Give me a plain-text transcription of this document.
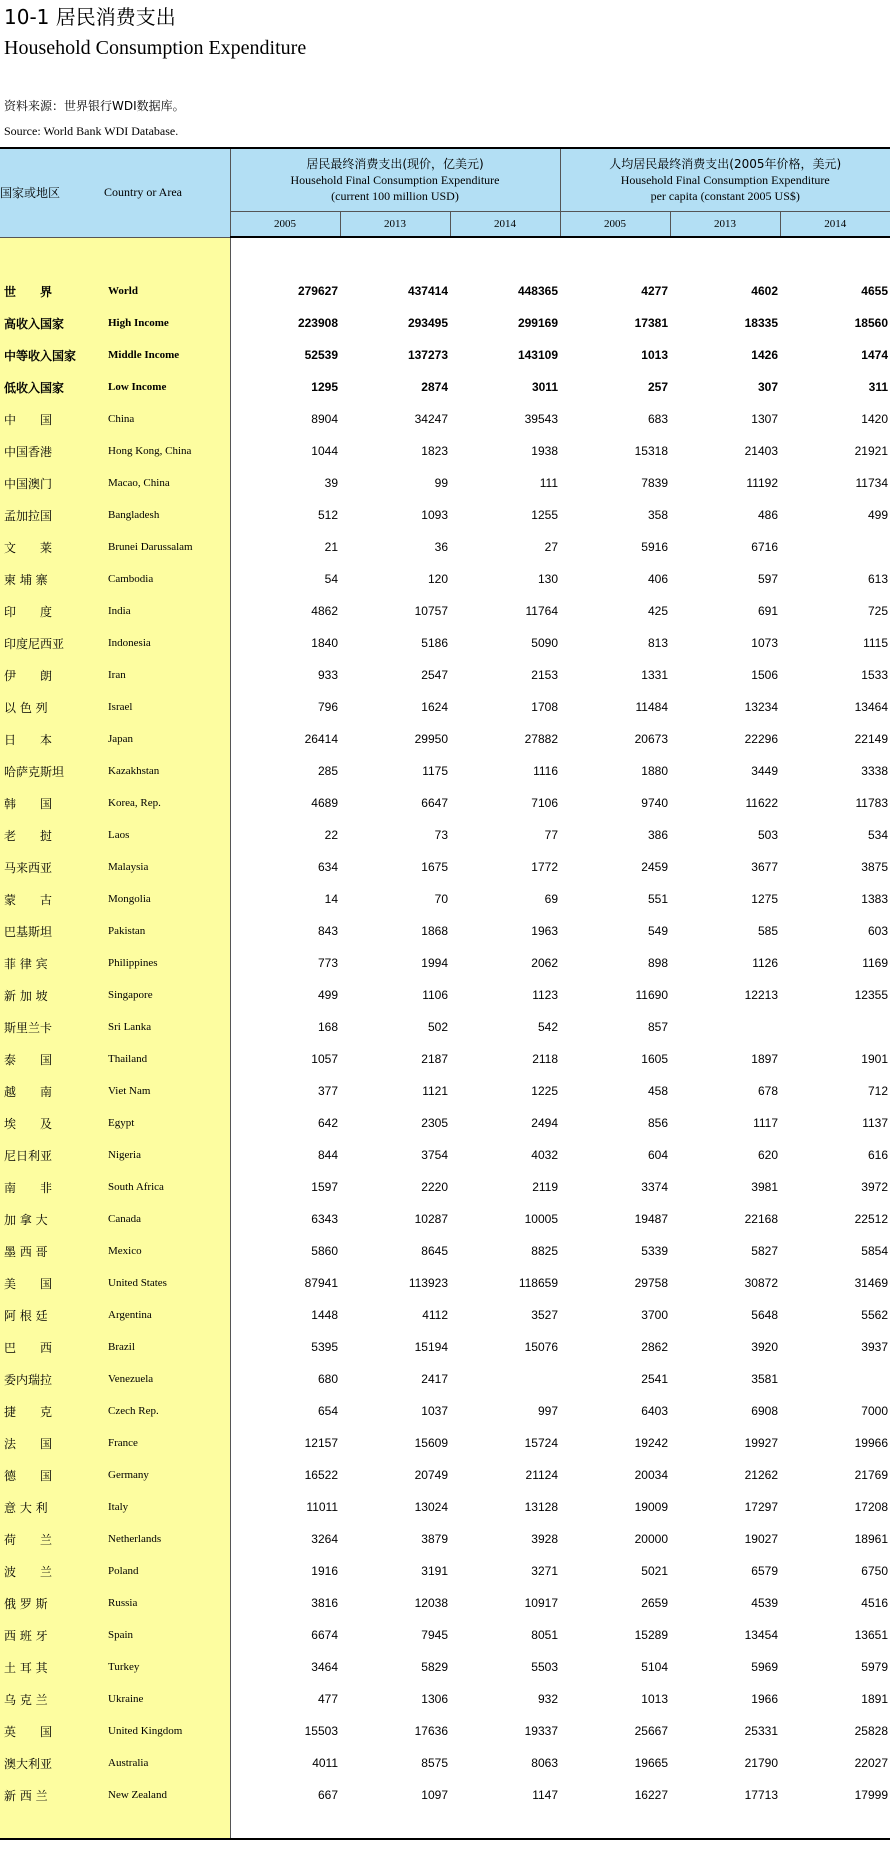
10-1 居民消费支出
Household Consumption Expenditure
资料来源：世界银行WDI数据库。
Source: World Bank WDI Database.
国家或地区	Country or Area	居民最终消费支出(现价，亿美元)
Household Final Consumption Expenditure
(current 100 million USD)			人均居民最终消费支出(2005年价格，美元)
Household Final Consumption Expenditure
per capita (constant 2005 US$)		

		2005	2013	2014	2005	2013	2014

世　　界	World	279627	437414	448365	4277	4602	4655
高收入国家	High Income	223908	293495	299169	17381	18335	18560
中等收入国家	Middle Income	52539	137273	143109	1013	1426	1474
低收入国家	Low Income	1295	2874	3011	257	307	311
中　　国	China	8904	34247	39543	683	1307	1420
中国香港	Hong Kong, China	1044	1823	1938	15318	21403	21921
中国澳门	Macao, China	39	99	111	7839	11192	11734
孟加拉国	Bangladesh	512	1093	1255	358	486	499
文　　莱	Brunei Darussalam	21	36	27	5916	6716	
柬 埔 寨	Cambodia	54	120	130	406	597	613
印　　度	India	4862	10757	11764	425	691	725
印度尼西亚	Indonesia	1840	5186	5090	813	1073	1115
伊　　朗	Iran	933	2547	2153	1331	1506	1533
以 色 列	Israel	796	1624	1708	11484	13234	13464
日　　本	Japan	26414	29950	27882	20673	22296	22149
哈萨克斯坦	Kazakhstan	285	1175	1116	1880	3449	3338
韩　　国	Korea, Rep.	4689	6647	7106	9740	11622	11783
老　　挝	Laos	22	73	77	386	503	534
马来西亚	Malaysia	634	1675	1772	2459	3677	3875
蒙　　古	Mongolia	14	70	69	551	1275	1383
巴基斯坦	Pakistan	843	1868	1963	549	585	603
菲 律 宾	Philippines	773	1994	2062	898	1126	1169
新 加 坡	Singapore	499	1106	1123	11690	12213	12355
斯里兰卡	Sri Lanka	168	502	542	857		
泰　　国	Thailand	1057	2187	2118	1605	1897	1901
越　　南	Viet Nam	377	1121	1225	458	678	712
埃　　及	Egypt	642	2305	2494	856	1117	1137
尼日利亚	Nigeria	844	3754	4032	604	620	616
南　　非	South Africa	1597	2220	2119	3374	3981	3972
加 拿 大	Canada	6343	10287	10005	19487	22168	22512
墨 西 哥	Mexico	5860	8645	8825	5339	5827	5854
美　　国	United States	87941	113923	118659	29758	30872	31469
阿 根 廷	Argentina	1448	4112	3527	3700	5648	5562
巴　　西	Brazil	5395	15194	15076	2862	3920	3937
委内瑞拉	Venezuela	680	2417		2541	3581	
捷　　克	Czech Rep.	654	1037	997	6403	6908	7000
法　　国	France	12157	15609	15724	19242	19927	19966
德　　国	Germany	16522	20749	21124	20034	21262	21769
意 大 利	Italy	11011	13024	13128	19009	17297	17208
荷　　兰	Netherlands	3264	3879	3928	20000	19027	18961
波　　兰	Poland	1916	3191	3271	5021	6579	6750
俄 罗 斯	Russia	3816	12038	10917	2659	4539	4516
西 班 牙	Spain	6674	7945	8051	15289	13454	13651
土 耳 其	Turkey	3464	5829	5503	5104	5969	5979
乌 克 兰	Ukraine	477	1306	932	1013	1966	1891
英　　国	United Kingdom	15503	17636	19337	25667	25331	25828
澳大利亚	Australia	4011	8575	8063	19665	21790	22027
新 西 兰	New Zealand	667	1097	1147	16227	17713	17999
